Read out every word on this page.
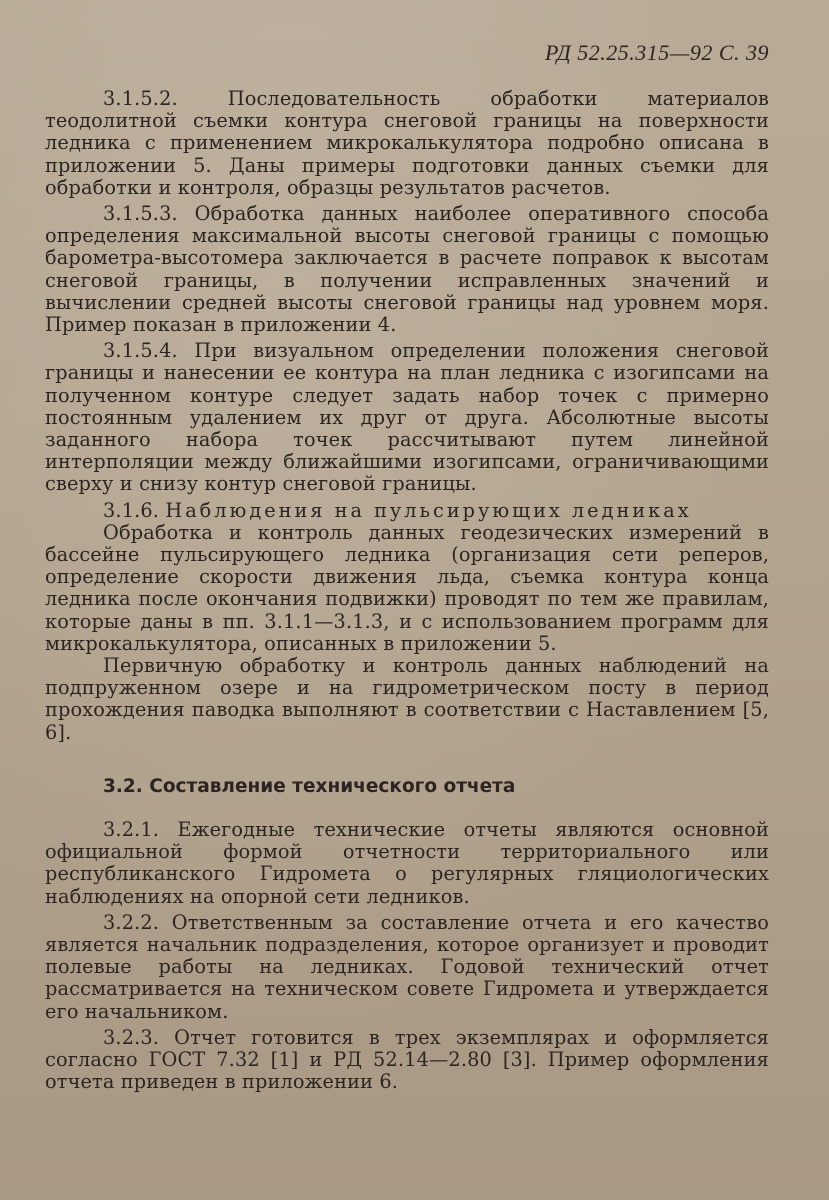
РД 52.25.315—92 С. 39

3.1.5.2. Последовательность обработки материалов теодолитной съемки контура снеговой границы на поверхности ледника с применением микрокалькулятора подробно описана в приложении 5. Даны примеры подготовки данных съемки для обработки и контроля, образцы результатов расчетов.

3.1.5.3. Обработка данных наиболее оперативного способа определения максимальной высоты снеговой границы с помощью барометра-высотомера заключается в расчете поправок к высотам снеговой границы, в получении исправленных значений и вычислении средней высоты снеговой границы над уровнем моря. Пример показан в приложении 4.

3.1.5.4. При визуальном определении положения снеговой границы и нанесении ее контура на план ледника с изогипсами на полученном контуре следует задать набор точек с примерно постоянным удалением их друг от друга. Абсолютные высоты заданного набора точек рассчитывают путем линейной интерполяции между ближайшими изогипсами, ограничивающими сверху и снизу контур снеговой границы.

3.1.6. Наблюдения на пульсирующих ледниках

Обработка и контроль данных геодезических измерений в бассейне пульсирующего ледника (организация сети реперов, определение скорости движения льда, съемка контура конца ледника после окончания подвижки) проводят по тем же правилам, которые даны в пп. 3.1.1—3.1.3, и с использованием программ для микрокалькулятора, описанных в приложении 5.

Первичную обработку и контроль данных наблюдений на подпруженном озере и на гидрометрическом посту в период прохождения паводка выполняют в соответствии с Наставлением [5, 6].

3.2. Составление технического отчета

3.2.1. Ежегодные технические отчеты являются основной официальной формой отчетности территориального или республиканского Гидромета о регулярных гляциологических наблюдениях на опорной сети ледников.

3.2.2. Ответственным за составление отчета и его качество является начальник подразделения, которое организует и проводит полевые работы на ледниках. Годовой технический отчет рассматривается на техническом совете Гидромета и утверждается его начальником.

3.2.3. Отчет готовится в трех экземплярах и оформляется согласно ГОСТ 7.32 [1] и РД 52.14—2.80 [3]. Пример оформления отчета приведен в приложении 6.
